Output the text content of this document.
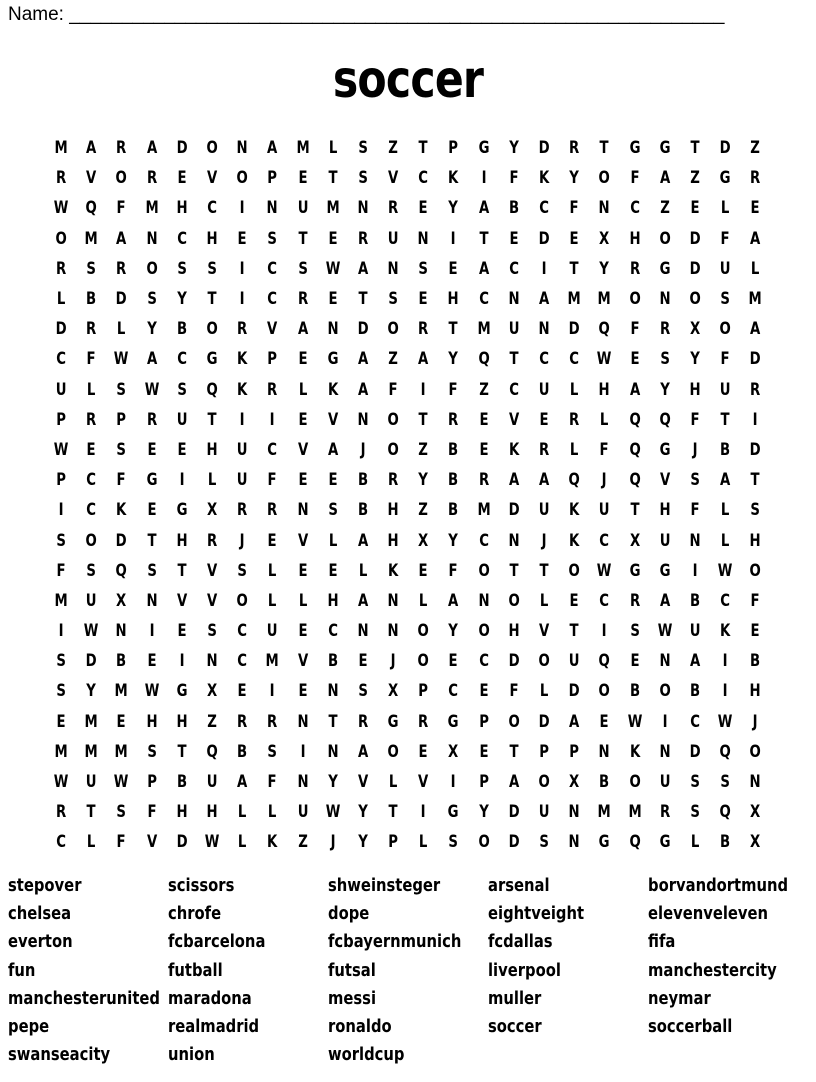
Name: ______________________________________________________________
soccer
M	A	R	A	D	O	N	A	M	L	S	Z	T	P	G	Y	D	R	T	G	G	T	D	Z
R	V	O	R	E	V	O	P	E	T	S	V	C	K	I	F	K	Y	O	F	A	Z	G	R
W	Q	F	M	H	C	I	N	U	M	N	R	E	Y	A	B	C	F	N	C	Z	E	L	E
O	M	A	N	C	H	E	S	T	E	R	U	N	I	T	E	D	E	X	H	O	D	F	A
R	S	R	O	S	S	I	C	S	W	A	N	S	E	A	C	I	T	Y	R	G	D	U	L
L	B	D	S	Y	T	I	C	R	E	T	S	E	H	C	N	A	M M	O	N	O	S	M
D	R	L	Y	B	O	R	V	A	N	D	O	R	T	M	U	N	D	Q	F	R	X	O	A
C	F	W	A	C	G	K	P	E	G	A	Z	A	Y	Q	T	C	C	W	E	S	Y	F	D
U	L	S	W	S	Q	K	R	L	K	A	F	I	F	Z	C	U	L	H	A	Y	H	U	R
P	R	P	R	U	T	I	I	E	V	N	O	T	R	E	V	E	R	L	Q	Q	F	T	I
W	E	S	E	E	H	U	C	V	A	J	O	Z	B	E	K	R	L	F	Q	G	J	B	D
P	C	F	G	I	L	U	F	E	E	B	R	Y	B	R	A	A	Q	J	Q	V	S	A	T
I	C	K	E	G	X	R	R	N	S	B	H	Z	B	M	D	U	K	U	T	H	F	L	S
S	O	D	T	H	R	J	E	V	L	A	H	X	Y	C	N	J	K	C	X	U	N	L	H
F	S	Q	S	T	V	S	L	E	E	L	K	E	F	O	T	T	O	W	G	G	I	W	O
M	U	X	N	V	V	O	L	L	H	A	N	L	A	N	O	L	E	C	R	A	B	C	F
I	W	N	I	E	S	C	U	E	C	N	N	O	Y	O	H	V	T	I	S	W	U	K	E
S	D	B	E	I	N	C	M	V	B	E	J	O	E	C	D	O	U	Q	E	N	A	I	B
S	Y	M W	G	X	E	I	E	N	S	X	P	C	E	F	L	D	O	B	O	B	I	H
E	M	E	H	H	Z	R	R	N	T	R	G	R	G	P	O	D	A	E	W	I	C	W	J
M M M	S	T	Q	B	S	I	N	A	O	E	X	E	T	P	P	N	K	N	D	Q	O
W	U	W	P	B	U	A	F	N	Y	V	L	V	I	P	A	O	X	B	O	U	S	S	N
R	T	S	F	H	H	L	L	U	W	Y	T	I	G	Y	D	U	N	M M	R	S	Q	X
C	L	F	V	D	W	L	K	Z	J	Y	P	L	S	O	D	S	N	G	Q	G	L	B	X
stepover	scissors	shweinsteger	arsenal	borvandortmund
chelsea	chrofe	dope	eightveight	elevenveleven
everton	fcbarcelona	fcbayernmunich fcdallas	fifa
fun	futball	futsal	liverpool	manchestercity
manchesterunited maradona	messi	muller	neymar
pepe	realmadrid	ronaldo	soccer	soccerball
swanseacity	union	worldcup
